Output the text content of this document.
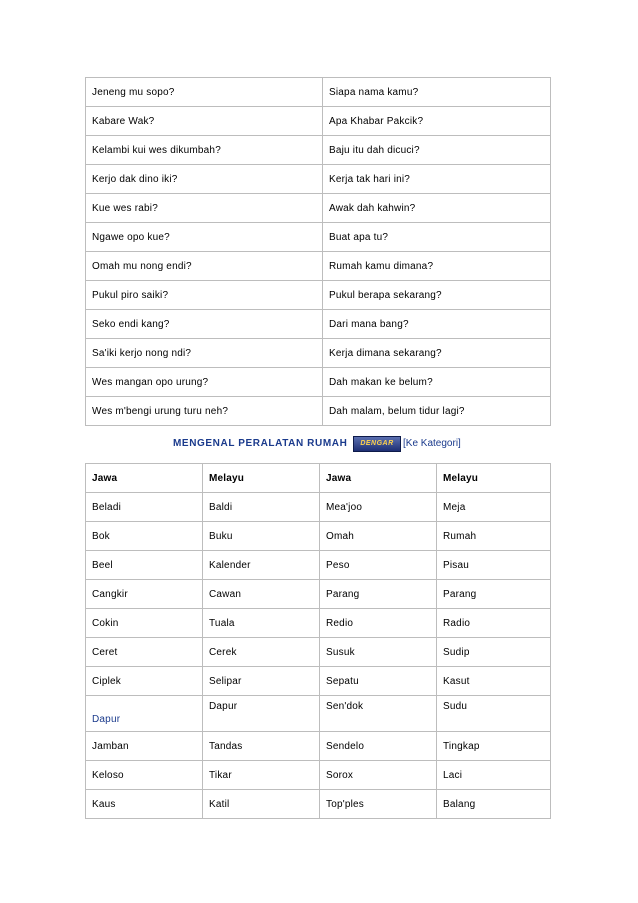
Jeneng mu sopo?	Siapa nama kamu?
Kabare Wak?	Apa Khabar Pakcik?
Kelambi kui wes dikumbah?	Baju itu dah dicuci?
Kerjo dak dino iki?	Kerja tak hari ini?
Kue wes rabi?	Awak dah kahwin?
Ngawe opo kue?	Buat apa tu?
Omah mu nong endi?	Rumah kamu dimana?
Pukul piro saiki?	Pukul berapa sekarang?
Seko endi kang?	Dari mana bang?
Sa'iki kerjo nong ndi?	Kerja dimana sekarang?
Wes mangan opo urung?	Dah makan ke belum?
Wes m'bengi urung turu neh?	Dah malam, belum tidur lagi?
MENGENAL PERALATAN RUMAH	DENGAR [Ke Kategori]
Jawa	Melayu	Jawa	Melayu
Beladi	Baldi	Mea'joo	Meja
Bok	Buku	Omah	Rumah
Beel	Kalender	Peso	Pisau
Cangkir	Cawan	Parang	Parang
Cokin	Tuala	Redio	Radio
Ceret	Cerek	Susuk	Sudip
Ciplek	Selipar	Sepatu	Kasut
Dapur	Dapur	Sen'dok	Sudu
Jamban	Tandas	Sendelo	Tingkap
Keloso	Tikar	Sorox	Laci
Kaus	Katil	Top'ples	Balang
